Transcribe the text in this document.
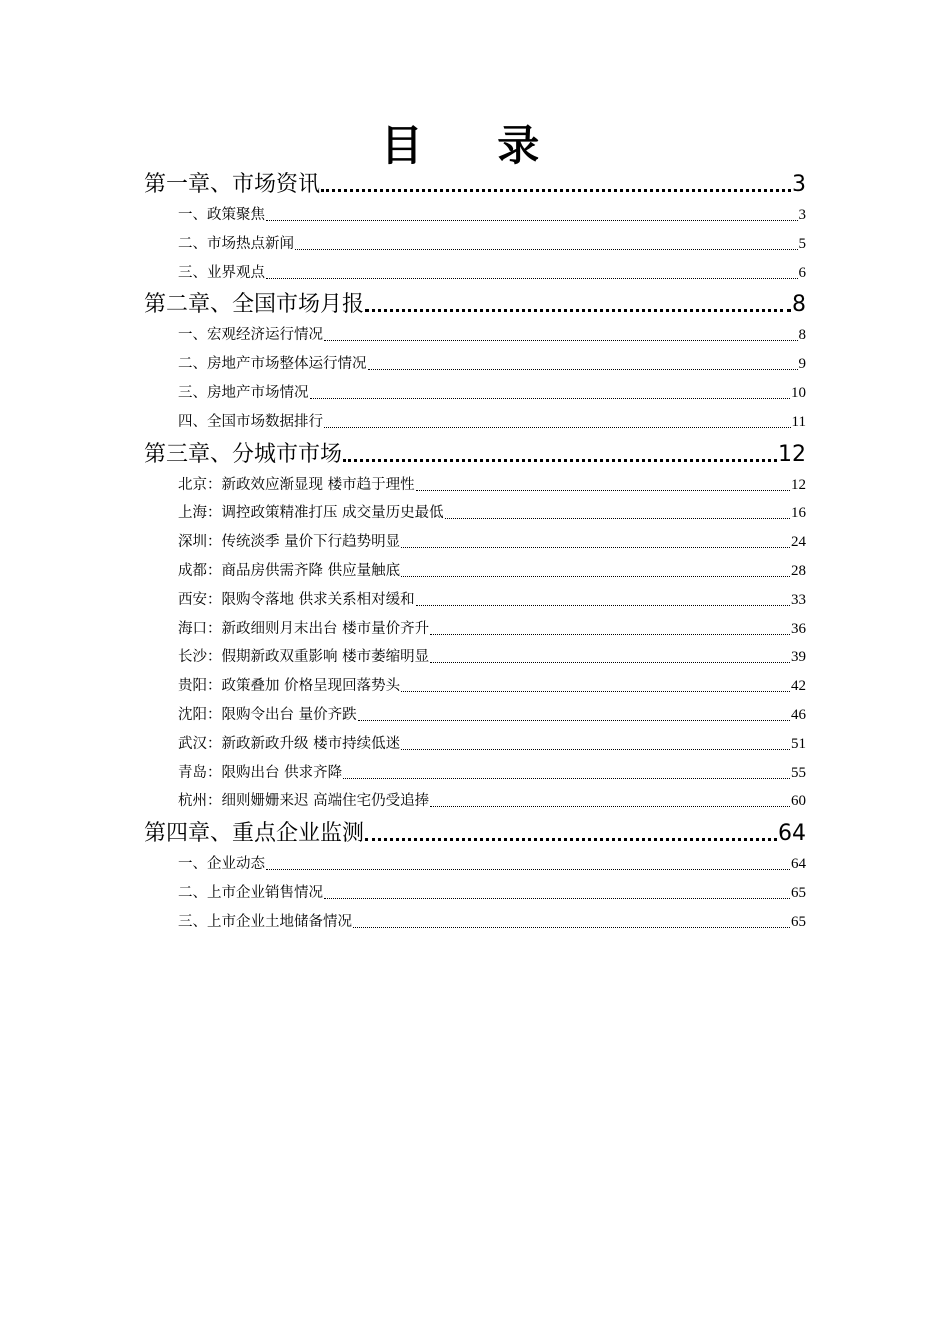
目 录
第一章、市场资讯	3
一、政策聚焦	3
二、市场热点新闻	5
三、业界观点	6
第二章、全国市场月报	8
一、宏观经济运行情况	8
二、房地产市场整体运行情况	9
三、房地产市场情况	10
四、全国市场数据排行	11
第三章、分城市市场	12
北京：新政效应渐显现 楼市趋于理性	12
上海：调控政策精准打压 成交量历史最低	16
深圳：传统淡季 量价下行趋势明显	24
成都：商品房供需齐降 供应量触底	28
西安：限购令落地 供求关系相对缓和	33
海口：新政细则月末出台 楼市量价齐升	36
长沙：假期新政双重影响 楼市萎缩明显	39
贵阳：政策叠加 价格呈现回落势头	42
沈阳：限购令出台 量价齐跌	46
武汉：新政新政升级 楼市持续低迷	51
青岛：限购出台 供求齐降	55
杭州：细则姗姗来迟 高端住宅仍受追捧	60
第四章、重点企业监测	64
一、企业动态	64
二、上市企业销售情况	65
三、上市企业土地储备情况	65
